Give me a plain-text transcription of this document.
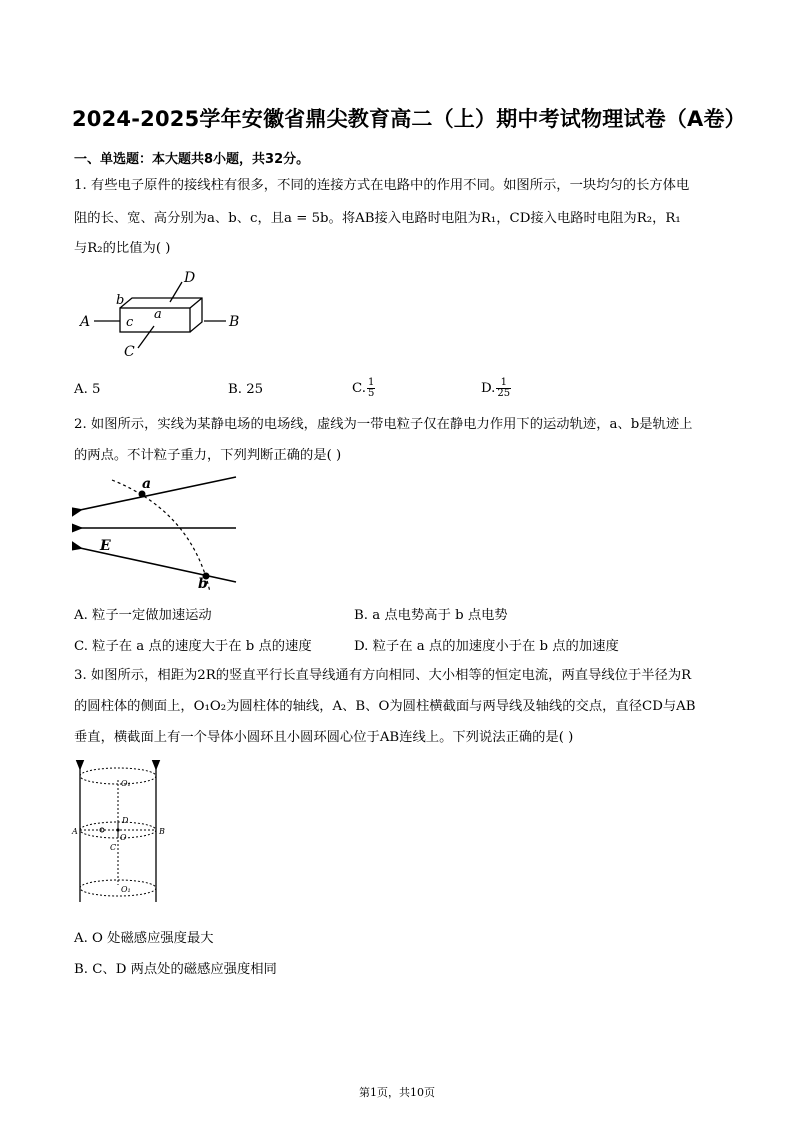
2024-2025学年安徽省鼎尖教育高二（上）期中考试物理试卷（A卷）
一、单选题：本大题共8小题，共32分。
1. 有些电子原件的接线柱有很多，不同的连接方式在电路中的作用不同。如图所示，一块均匀的长方体电
阻的长、宽、高分别为a、b、c，且a = 5b。将AB接入电路时电阻为R₁，CD接入电路时电阻为R₂，R₁
与R₂的比值为( )
A	B
C
D
b
c
a
A. 5	B. 25	C. $\frac{1}{5}$	D. $\frac{1}{25}$
2. 如图所示，实线为某静电场的电场线，虚线为一带电粒子仅在静电力作用下的运动轨迹，a、b是轨迹上
的两点。不计粒子重力，下列判断正确的是( )
a
b
E
A. 粒子一定做加速运动	B. a 点电势高于 b 点电势
C. 粒子在 a 点的速度大于在 b 点的速度	D. 粒子在 a 点的加速度小于在 b 点的加速度
3. 如图所示，相距为2R的竖直平行长直导线通有方向相同、大小相等的恒定电流，两直导线位于半径为R
的圆柱体的侧面上，O₁O₂为圆柱体的轴线，A、B、O为圆柱横截面与两导线及轴线的交点，直径CD与AB
垂直，横截面上有一个导体小圆环且小圆环圆心位于AB连线上。下列说法正确的是( )
O₁
O₁
A	B
D
O
C
A. O 处磁感应强度最大
B. C、D 两点处的磁感应强度相同
第1页，共10页
